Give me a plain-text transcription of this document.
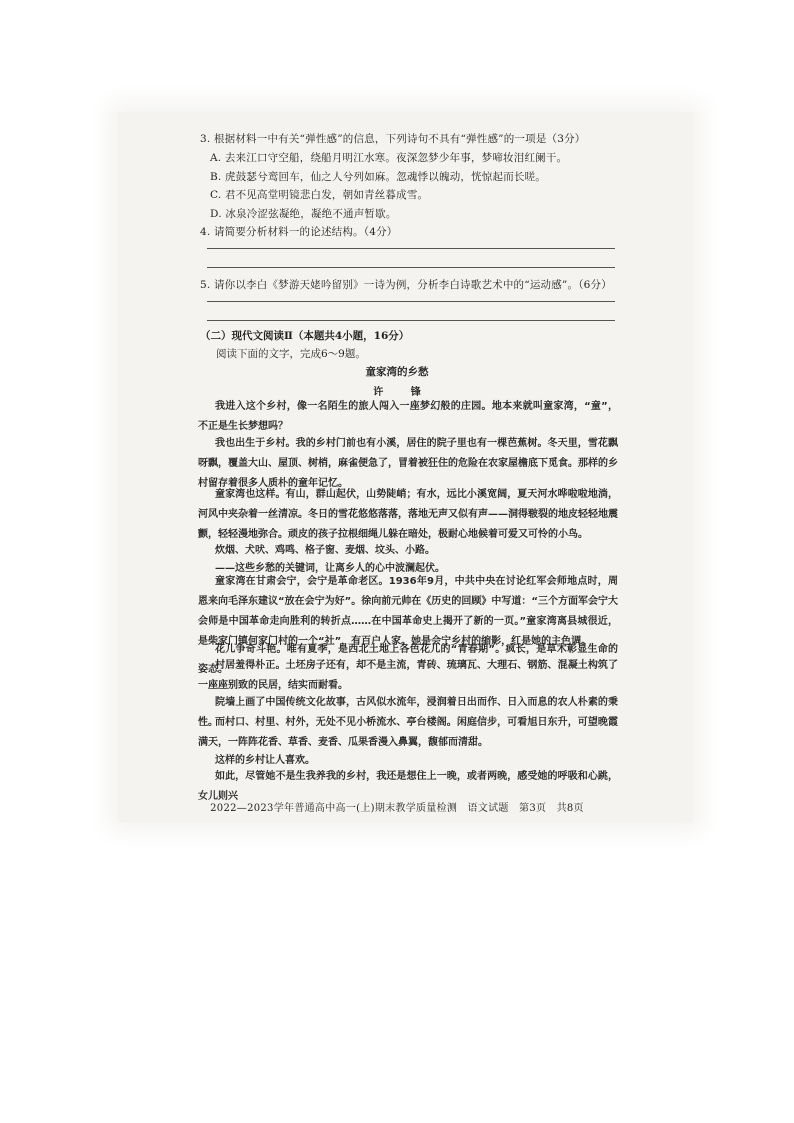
3. 根据材料一中有关“弹性感”的信息，下列诗句不具有“弹性感”的一项是（3分）
A. 去来江口守空船，绕船月明江水寒。夜深忽梦少年事，梦啼妆泪红阑干。
B. 虎鼓瑟兮鸾回车，仙之人兮列如麻。忽魂悸以魄动，恍惊起而长嗟。
C. 君不见高堂明镜悲白发，朝如青丝暮成雪。
D. 冰泉冷涩弦凝绝，凝绝不通声暂歇。
4. 请简要分析材料一的论述结构。（4分）
5. 请你以李白《梦游天姥吟留别》一诗为例，分析李白诗歌艺术中的“运动感”。（6分）
（二）现代文阅读Ⅱ（本题共4小题，16分）
阅读下面的文字，完成6～9题。
童家湾的乡愁
许 锋
我进入这个乡村，像一名陌生的旅人闯入一座梦幻般的庄园。地本来就叫童家湾，“童”，不正是生长梦想吗？
我也出生于乡村。我的乡村门前也有小溪，居住的院子里也有一棵芭蕉树。冬天里，雪花飘呀飘，覆盖大山、屋顶、树梢，麻雀便急了，冒着被狂住的危险在农家屋檐底下觅食。那样的乡村留存着很多人质朴的童年记忆。
童家湾也这样。有山，群山起伏，山势陡峭；有水，远比小溪宽阔，夏天河水哗啦啦地淌，河风中夹杂着一丝清凉。冬日的雪花悠悠落落，落地无声又似有声——洞得皲裂的地皮轻轻地震颤，轻轻漫地弥合。顽皮的孩子拉根细绳儿躲在暗处，极耐心地候着可爱又可怜的小鸟。
炊烟、犬吠、鸡鸣、格子窗、麦烟、坟头、小路。
——这些乡愁的关键词，让离乡人的心中波澜起伏。
童家湾在甘肃会宁，会宁是革命老区。1936年9月，中共中央在讨论红军会师地点时，周恩来向毛泽东建议“放在会宁为好”。徐向前元帅在《历史的回顾》中写道：“三个方面军会宁大会师是中国革命走向胜利的转折点……在中国革命史上揭开了新的一页。”童家湾离县城很近，是柴家门镇何家门村的一个“社”，有百户人家。她是会宁乡村的缩影，红是她的主色调。
花儿争奇斗艳。唯有夏季，是西北土地上各色花儿的“青春期”。疯长，是草木彰显生命的姿态。
村居羞得朴正。土坯房子还有，却不是主流，青砖、琉璃瓦、大理石、钢筋、混凝土构筑了一座座别致的民居，结实而耐看。
院墙上画了中国传统文化故事，古风似水流年，浸润着日出而作、日入而息的农人朴素的秉性。
而村口、村里、村外，无处不见小桥流水、亭台楼阁。闲庭信步，可看旭日东升，可望晚霞满天，一阵阵花香、草香、麦香、瓜果香漫入鼻翼，馥郁而清甜。
这样的乡村让人喜欢。
如此，尽管她不是生我养我的乡村，我还是想住上一晚，或者两晚，感受她的呼吸和心跳，女儿则兴
2022—2023学年普通高中高一(上)期末教学质量检测　语文试题　第3页　共8页
